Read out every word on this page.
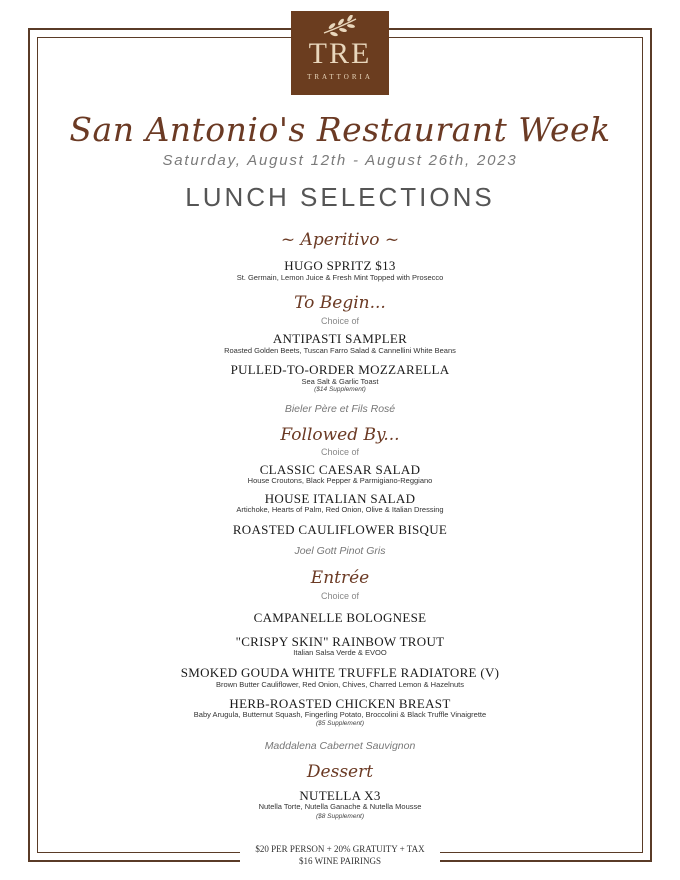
TRE
TRATTORIA
San Antonio's Restaurant Week
Saturday, August 12th - August 26th, 2023
LUNCH SELECTIONS
~ Aperitivo ~
HUGO SPRITZ $13
St. Germain, Lemon Juice & Fresh Mint Topped with Prosecco
To Begin...
Choice of
ANTIPASTI SAMPLER
Roasted Golden Beets, Tuscan Farro Salad & Cannellini White Beans
PULLED-TO-ORDER MOZZARELLA
Sea Salt & Garlic Toast
($14 Supplement)
Bieler Père et Fils Rosé
Followed By...
Choice of
CLASSIC CAESAR SALAD
House Croutons, Black Pepper & Parmigiano-Reggiano
HOUSE ITALIAN SALAD
Artichoke, Hearts of Palm, Red Onion, Olive & Italian Dressing
ROASTED CAULIFLOWER BISQUE
Joel Gott Pinot Gris
Entrée
Choice of
CAMPANELLE BOLOGNESE
"CRISPY SKIN" RAINBOW TROUT
Italian Salsa Verde & EVOO
SMOKED GOUDA WHITE TRUFFLE RADIATORE (V)
Brown Butter Cauliflower, Red Onion, Chives, Charred Lemon & Hazelnuts
HERB-ROASTED CHICKEN BREAST
Baby Arugula, Butternut Squash, Fingerling Potato, Broccolini & Black Truffle Vinaigrette
($5 Supplement)
Maddalena Cabernet Sauvignon
Dessert
NUTELLA X3
Nutella Torte, Nutella Ganache & Nutella Mousse
($8 Supplement)
$20 PER PERSON + 20% GRATUITY + TAX
$16 WINE PAIRINGS
